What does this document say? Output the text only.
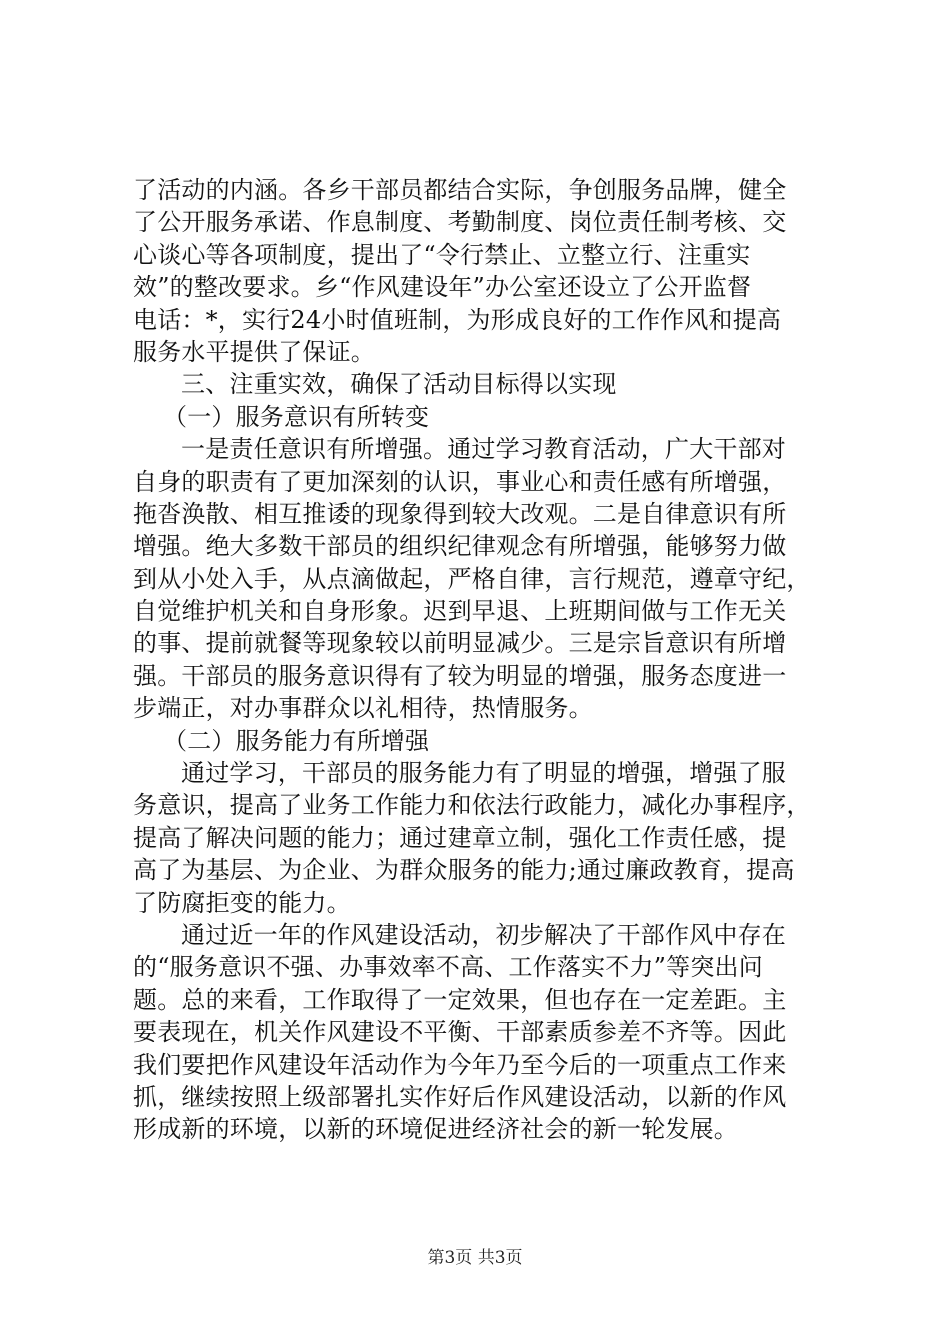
了活动的内涵。各乡干部员都结合实际，争创服务品牌，健全
了公开服务承诺、作息制度、考勤制度、岗位责任制考核、交
心谈心等各项制度，提出了“令行禁止、立整立行、注重实
效”的整改要求。乡“作风建设年”办公室还设立了公开监督
电话：*，实行24小时值班制，为形成良好的工作作风和提高
服务水平提供了保证。
三、注重实效，确保了活动目标得以实现
（一）服务意识有所转变
一是责任意识有所增强。通过学习教育活动，广大干部对
自身的职责有了更加深刻的认识，事业心和责任感有所增强，
拖沓涣散、相互推诿的现象得到较大改观。二是自律意识有所
增强。绝大多数干部员的组织纪律观念有所增强，能够努力做
到从小处入手，从点滴做起，严格自律，言行规范，遵章守纪，
自觉维护机关和自身形象。迟到早退、上班期间做与工作无关
的事、提前就餐等现象较以前明显减少。三是宗旨意识有所增
强。干部员的服务意识得有了较为明显的增强，服务态度进一
步端正，对办事群众以礼相待，热情服务。
（二）服务能力有所增强
通过学习，干部员的服务能力有了明显的增强，增强了服
务意识，提高了业务工作能力和依法行政能力，减化办事程序，
提高了解决问题的能力；通过建章立制，强化工作责任感，提
高了为基层、为企业、为群众服务的能力;通过廉政教育，提高
了防腐拒变的能力。
通过近一年的作风建设活动，初步解决了干部作风中存在
的“服务意识不强、办事效率不高、工作落实不力”等突出问
题。总的来看，工作取得了一定效果，但也存在一定差距。主
要表现在，机关作风建设不平衡、干部素质参差不齐等。因此
我们要把作风建设年活动作为今年乃至今后的一项重点工作来
抓，继续按照上级部署扎实作好后作风建设活动，以新的作风
形成新的环境，以新的环境促进经济社会的新一轮发展。
第3页 共3页
